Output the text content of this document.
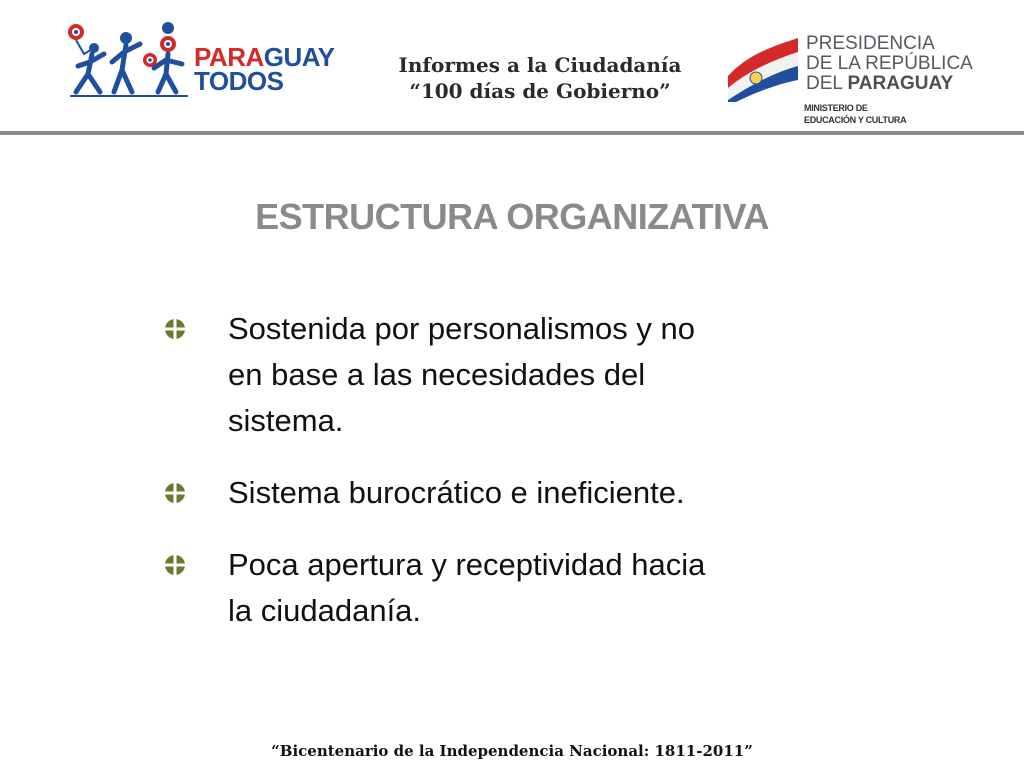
PARAGUAY
TODOS
Informes a la Ciudadanía
“100 días de Gobierno”
PRESIDENCIA
DE LA REPÚBLICA
DEL PARAGUAY
MINISTERIO DE
EDUCACIÓN Y CULTURA
ESTRUCTURA ORGANIZATIVA
Sostenida por personalismos y no en base a las necesidades del sistema.
Sistema burocrático e ineficiente.
Poca apertura y receptividad hacia la ciudadanía.
“Bicentenario de la Independencia Nacional: 1811-2011”
